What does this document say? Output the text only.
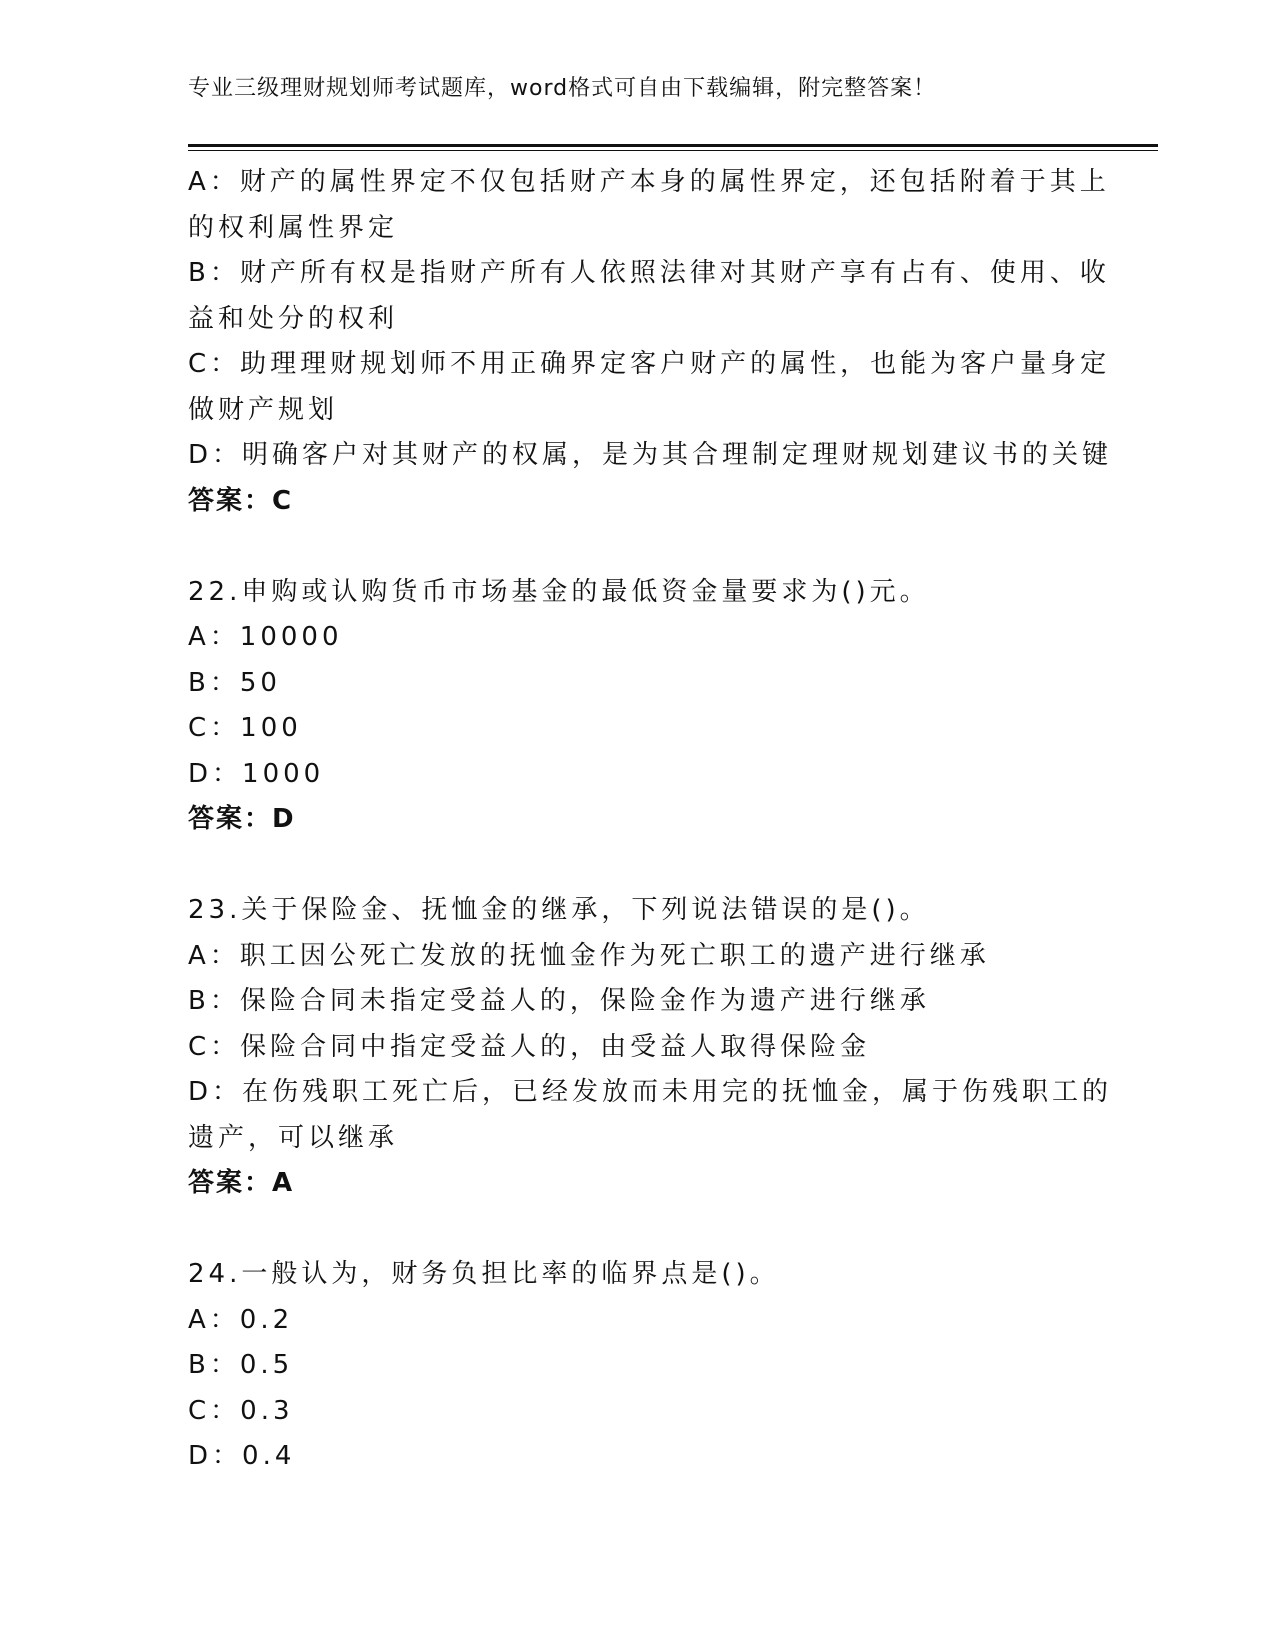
专业三级理财规划师考试题库，word格式可自由下载编辑，附完整答案！
A：财产的属性界定不仅包括财产本身的属性界定，还包括附着于其上
的权利属性界定
B：财产所有权是指财产所有人依照法律对其财产享有占有、使用、收
益和处分的权利
C：助理理财规划师不用正确界定客户财产的属性，也能为客户量身定
做财产规划
D：明确客户对其财产的权属，是为其合理制定理财规划建议书的关键
答案：C
22.申购或认购货币市场基金的最低资金量要求为()元。
A：10000
B：50
C：100
D：1000
答案：D
23.关于保险金、抚恤金的继承，下列说法错误的是()。
A：职工因公死亡发放的抚恤金作为死亡职工的遗产进行继承
B：保险合同未指定受益人的，保险金作为遗产进行继承
C：保险合同中指定受益人的，由受益人取得保险金
D：在伤残职工死亡后，已经发放而未用完的抚恤金，属于伤残职工的
遗产，可以继承
答案：A
24.一般认为，财务负担比率的临界点是()。
A：0.2
B：0.5
C：0.3
D：0.4
